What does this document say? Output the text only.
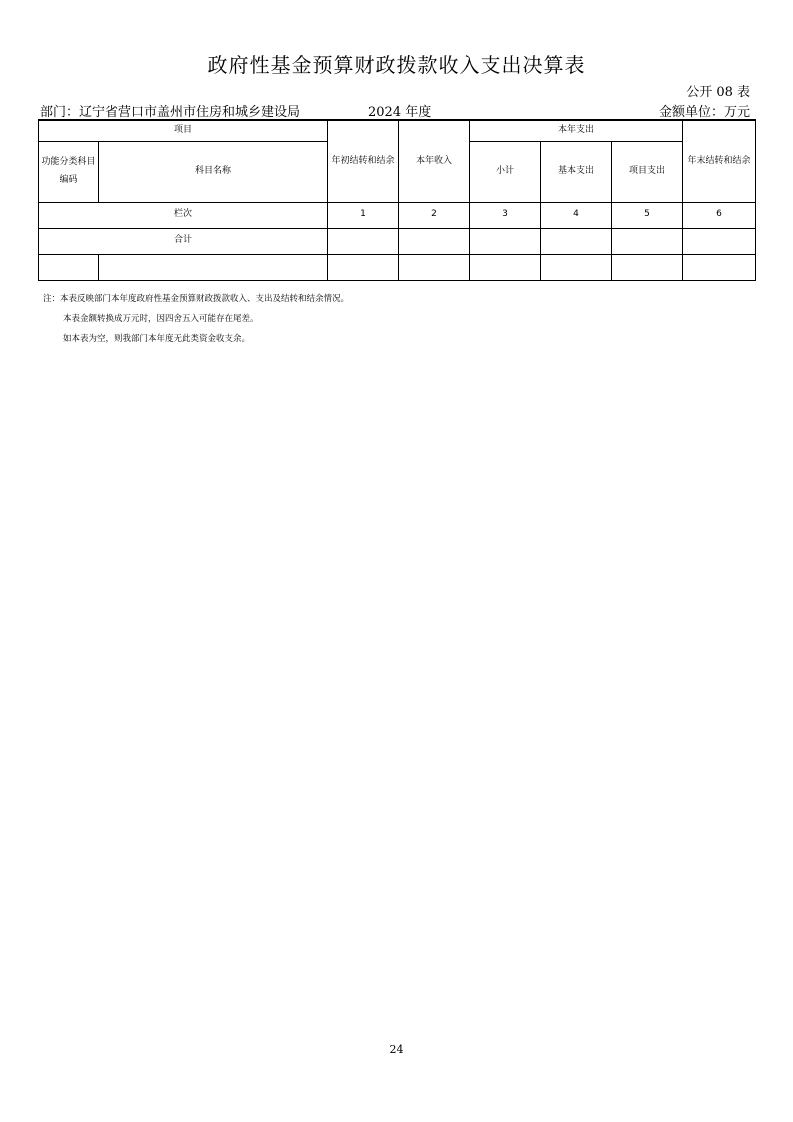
政府性基金预算财政拨款收入支出决算表
公开 08 表
部门：辽宁省营口市盖州市住房和城乡建设局	2024 年度	金额单位：万元
项目		年初结转和结余	本年收入	本年支出			年末结转和结余
功能分类科目编码	科目名称			小计	基本支出	项目支出	
栏次		1	2	3	4	5	6
合计							

注：本表反映部门本年度政府性基金预算财政拨款收入、支出及结转和结余情况。
本表金额转换成万元时，因四舍五入可能存在尾差。
如本表为空，则我部门本年度无此类资金收支余。
24
